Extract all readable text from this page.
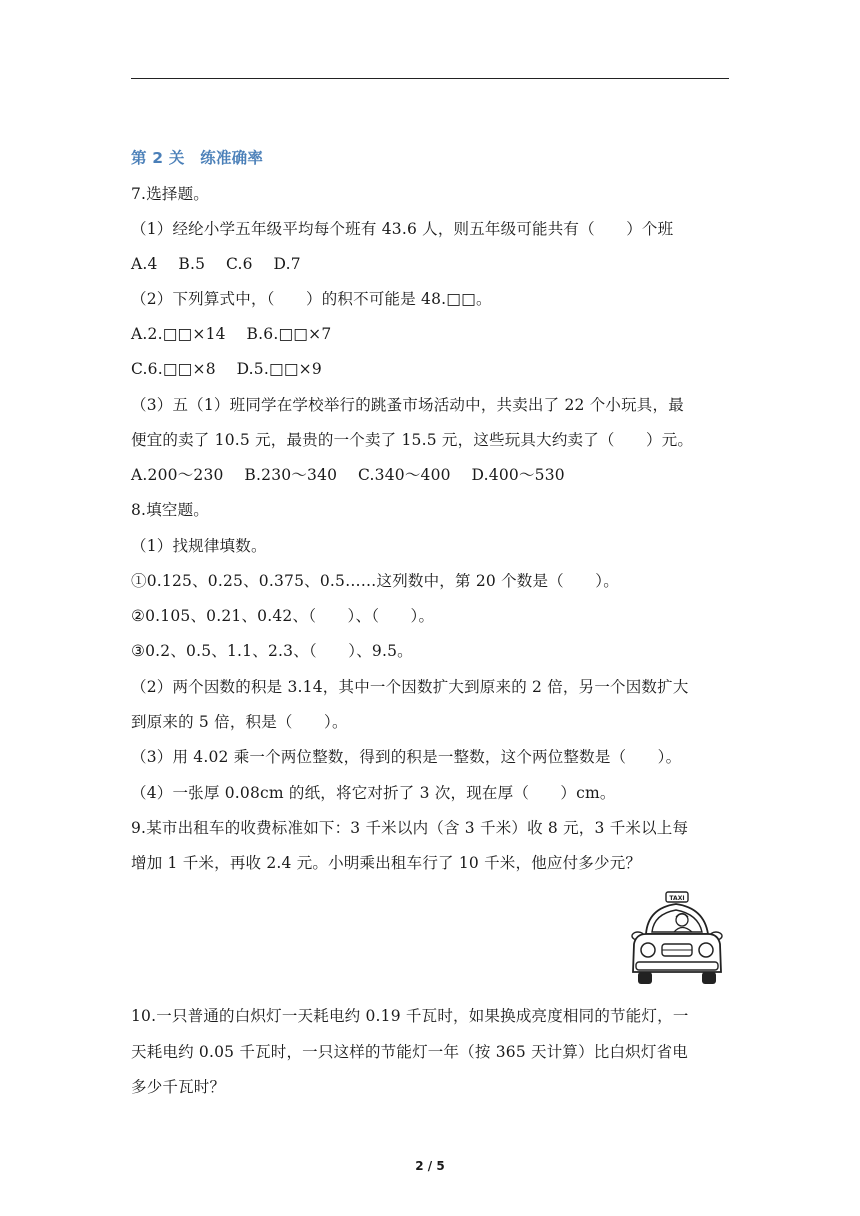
第 2 关　练准确率
7.选择题。
（1）经纶小学五年级平均每个班有 43.6 人，则五年级可能共有（　　）个班
A.4　 B.5　 C.6　 D.7
（2）下列算式中，（　　）的积不可能是 48.□□。
A.2.□□×14　 B.6.□□×7
C.6.□□×8　 D.5.□□×9
（3）五（1）班同学在学校举行的跳蚤市场活动中，共卖出了 22 个小玩具，最
便宜的卖了 10.5 元，最贵的一个卖了 15.5 元，这些玩具大约卖了（　　）元。
A.200～230　 B.230～340　 C.340～400　 D.400～530
8.填空题。
（1）找规律填数。
①0.125、0.25、0.375、0.5……这列数中，第 20 个数是（　　）。
②0.105、0.21、0.42、（　　）、（　　）。
③0.2、0.5、1.1、2.3、（　　）、9.5。
（2）两个因数的积是 3.14，其中一个因数扩大到原来的 2 倍，另一个因数扩大
到原来的 5 倍，积是（　　）。
（3）用 4.02 乘一个两位整数，得到的积是一整数，这个两位整数是（　　）。
（4）一张厚 0.08cm 的纸，将它对折了 3 次，现在厚（　　）cm。
9.某市出租车的收费标准如下：3 千米以内（含 3 千米）收 8 元，3 千米以上每
增加 1 千米，再收 2.4 元。小明乘出租车行了 10 千米，他应付多少元？
TAXI
10.一只普通的白炽灯一天耗电约 0.19 千瓦时，如果换成亮度相同的节能灯，一
天耗电约 0.05 千瓦时，一只这样的节能灯一年（按 365 天计算）比白炽灯省电
多少千瓦时？
2 / 5
